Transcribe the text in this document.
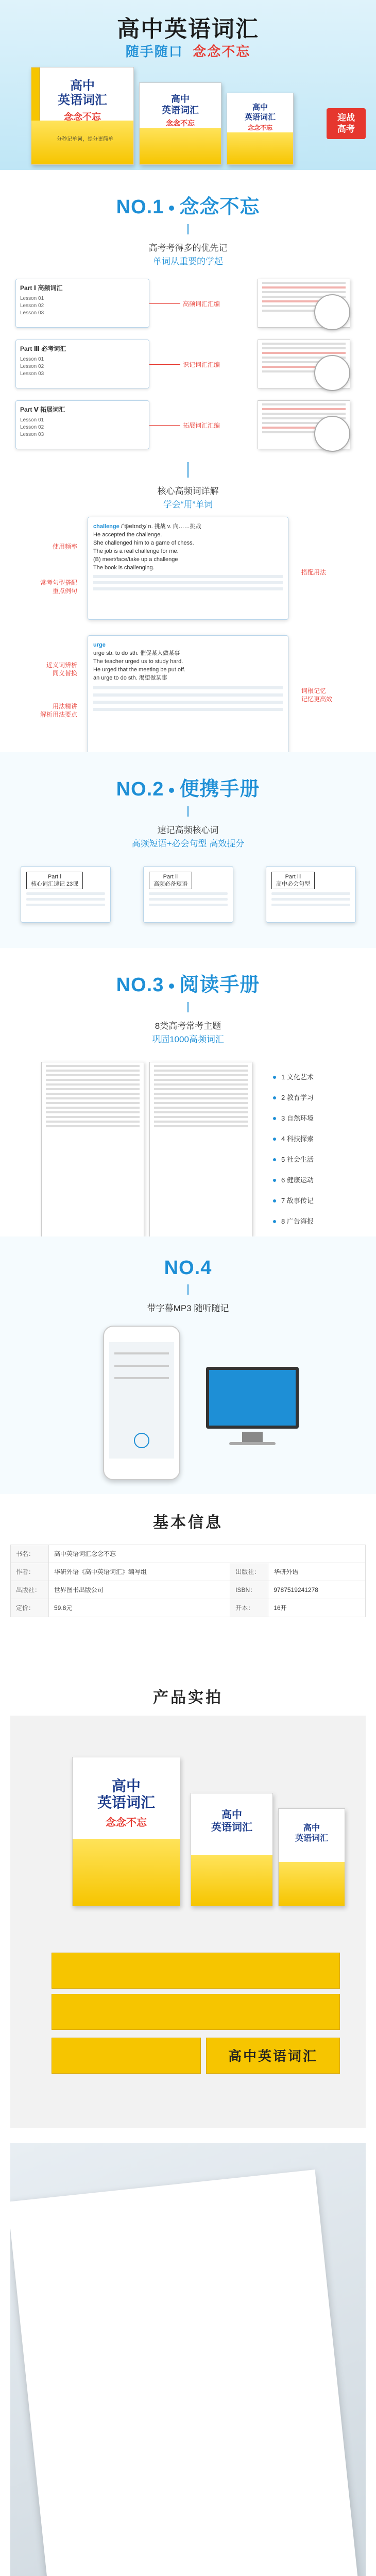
高中英语词汇
随手随口 念念不忘
高中
英语词汇
念念不忘
分秒记单词，提分更简单
高中
英语词汇
念念不忘
高中
英语词汇
念念不忘
迎战
高考
NO.1 念念不忘
高考考得多的优先记
单词从重要的学起
Part Ⅰ 高频词汇
Lesson 01
Lesson 02
Lesson 03
高频词汇汇编
Part Ⅲ 必考词汇
Lesson 01
Lesson 02
Lesson 03
识记词汇汇编
Part Ⅴ 拓展词汇
Lesson 01
Lesson 02
Lesson 03
拓展词汇汇编
核心高频词详解
学会“用”单词
challenge /ˈtʃælɪndʒ/ n. 挑战 v. 向……挑战
He accepted the challenge.
She challenged him to a game of chess.
The job is a real challenge for me.
(B) meet/face/take up a challenge
The book is challenging.
urge
urge sb. to do sth. 催促某人做某事
The teacher urged us to study hard.
He urged that the meeting be put off.
an urge to do sth. 渴望做某事
使用频率
常考句型搭配
重点例句
近义词辨析
同义替换
用法精讲
解析用法要点
搭配用法
词根记忆
记忆更高效
NO.2 便携手册
速记高频核心词
高频短语+必会句型 高效提分
Part Ⅰ
核心词汇速记 23课
Part Ⅱ
高频必备短语
Part Ⅲ
高中必会句型
NO.3 阅读手册
8类高考常考主题
巩固1000高频词汇
1 文化艺术
2 教育学习
3 自然环境
4 科技探索
5 社会生活
6 健康运动
7 故事传记
8 广告海报
NO.4
带字幕MP3 随听随记
基本信息
书名：	高中英语词汇念念不忘		
作者：	华研外语《高中英语词汇》编写组	出版社：	华研外语
出版社：	世界图书出版公司	ISBN：	9787519241278
定价：	59.8元	开本：	16开
产品实拍
高中
英语词汇
念念不忘
高中
英语词汇	高中
英语词汇
高中英语词汇
